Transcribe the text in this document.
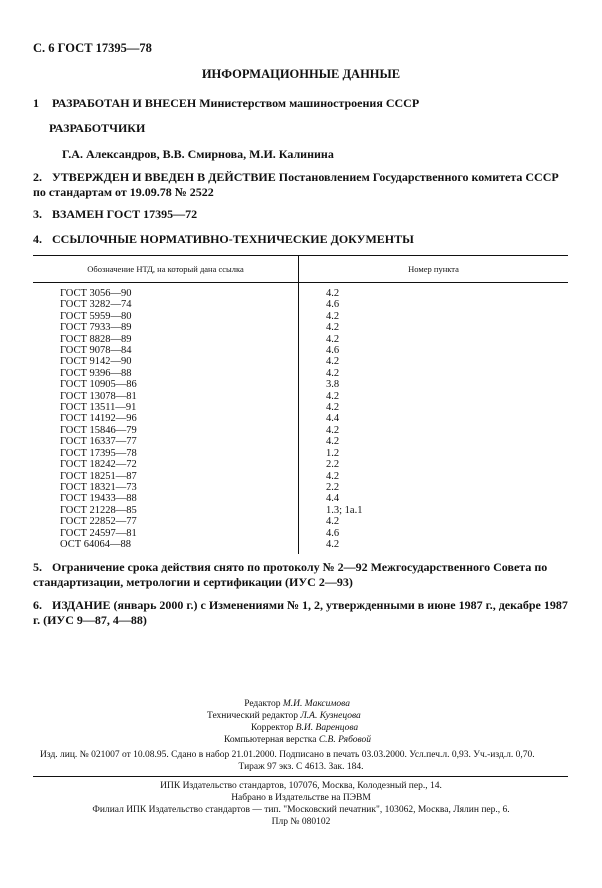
С. 6 ГОСТ 17395—78
ИНФОРМАЦИОННЫЕ ДАННЫЕ
1 РАЗРАБОТАН И ВНЕСЕН Министерством машиностроения СССР
РАЗРАБОТЧИКИ
Г.А. Александров, В.В. Смирнова, М.И. Калинина
2. УТВЕРЖДЕН И ВВЕДЕН В ДЕЙСТВИЕ Постановлением Государственного комитета СССР по стандартам от 19.09.78 № 2522
3. ВЗАМЕН ГОСТ 17395—72
4. ССЫЛОЧНЫЕ НОРМАТИВНО-ТЕХНИЧЕСКИЕ ДОКУМЕНТЫ
Обозначение НТД, на который дана ссылка	Номер пункта
ГОСТ 3056—90	4.2
ГОСТ 3282—74	4.6
ГОСТ 5959—80	4.2
ГОСТ 7933—89	4.2
ГОСТ 8828—89	4.2
ГОСТ 9078—84	4.6
ГОСТ 9142—90	4.2
ГОСТ 9396—88	4.2
ГОСТ 10905—86	3.8
ГОСТ 13078—81	4.2
ГОСТ 13511—91	4.2
ГОСТ 14192—96	4.4
ГОСТ 15846—79	4.2
ГОСТ 16337—77	4.2
ГОСТ 17395—78	1.2
ГОСТ 18242—72	2.2
ГОСТ 18251—87	4.2
ГОСТ 18321—73	2.2
ГОСТ 19433—88	4.4
ГОСТ 21228—85	1.3; 1а.1
ГОСТ 22852—77	4.2
ГОСТ 24597—81	4.6
ОСТ 64064—88	4.2
5. Ограничение срока действия снято по протоколу № 2—92 Межгосударственного Совета по стандартизации, метрологии и сертификации (ИУС 2—93)
6. ИЗДАНИЕ (январь 2000 г.) с Изменениями № 1, 2, утвержденными в июне 1987 г., декабре 1987 г. (ИУС 9—87, 4—88)
Редактор М.И. Максимова
Технический редактор Л.А. Кузнецова
Корректор В.И. Варенцова
Компьютерная верстка С.В. Рябовой
Изд. лиц. № 021007 от 10.08.95. Сдано в набор 21.01.2000. Подписано в печать 03.03.2000. Усл.печ.л. 0,93. Уч.-изд.л. 0,70.
Тираж 97 экз. С 4613. Зак. 184.
ИПК Издательство стандартов, 107076, Москва, Колодезный пер., 14.
Набрано в Издательстве на ПЭВМ
Филиал ИПК Издательство стандартов — тип. "Московский печатник", 103062, Москва, Лялин пер., 6.
Плр № 080102
